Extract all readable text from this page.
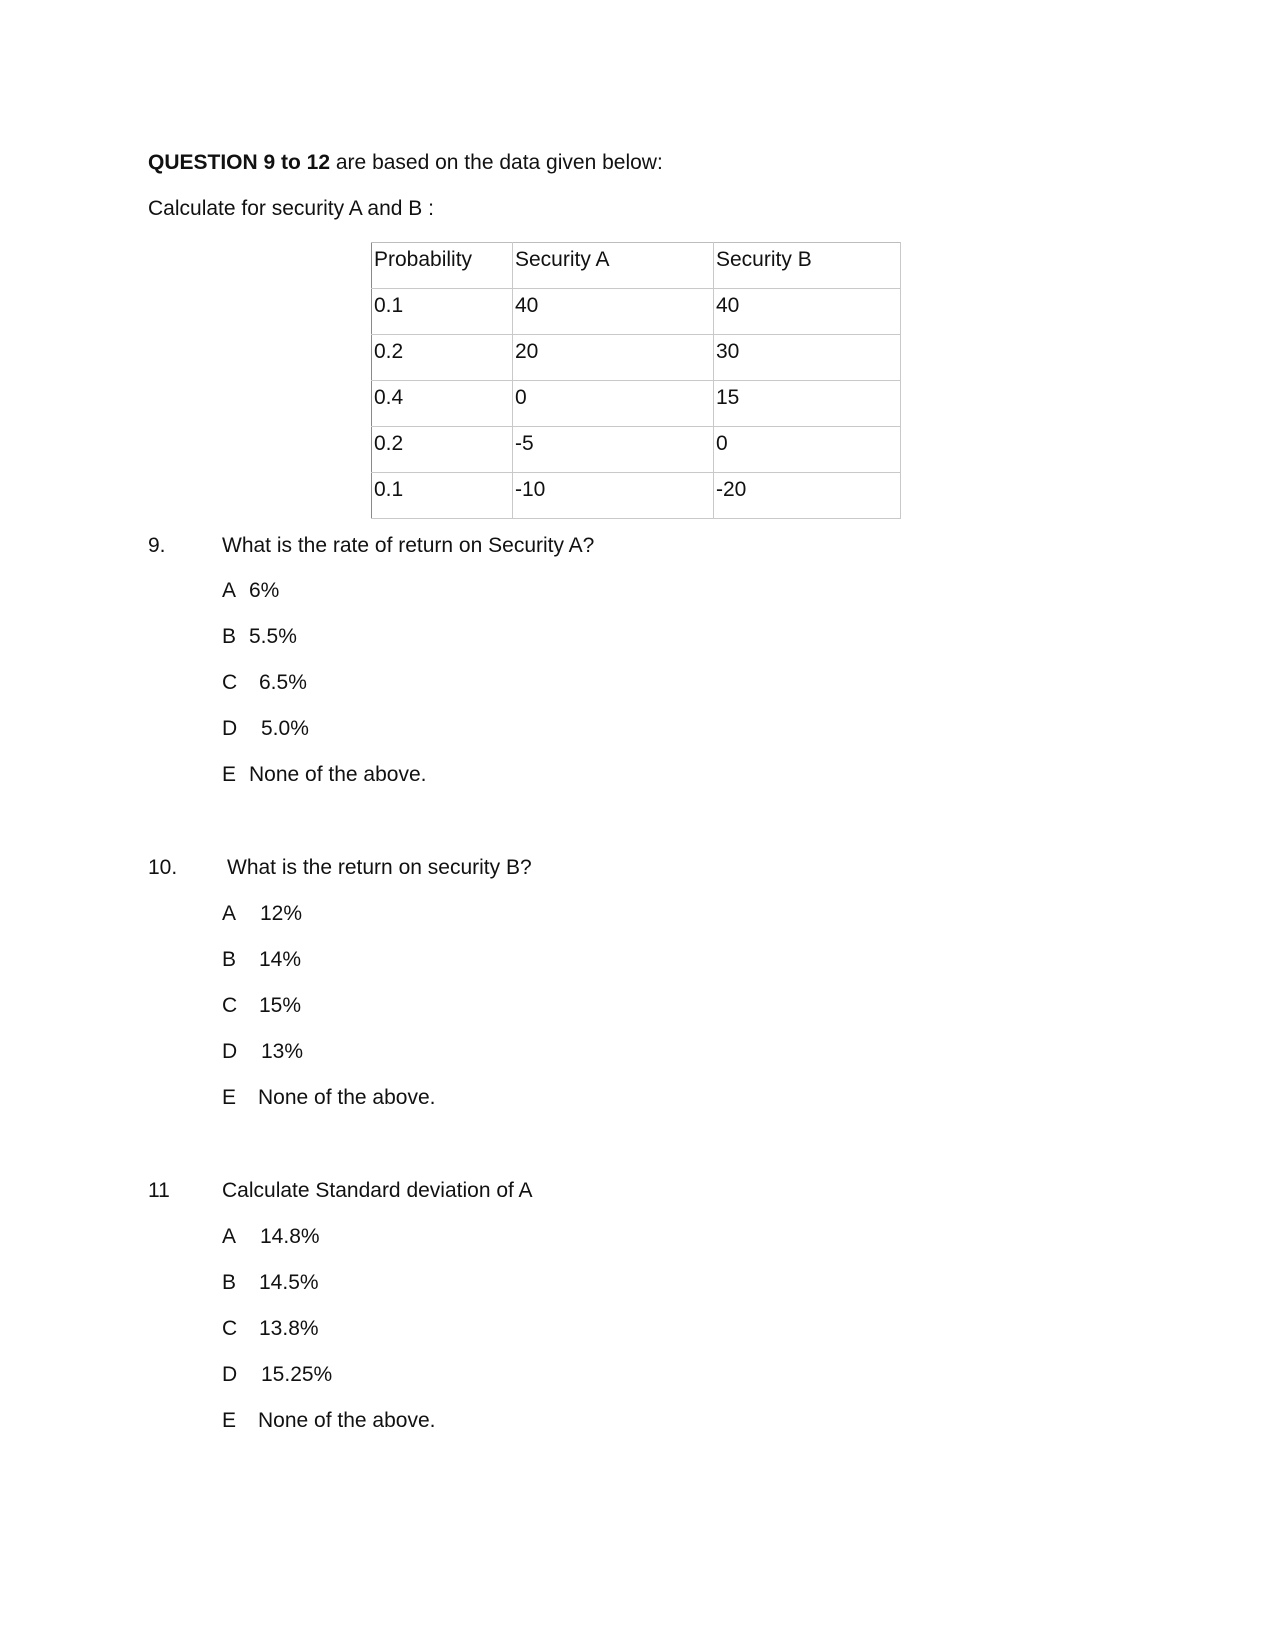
QUESTION 9 to 12 are based on the data given below:
Calculate for security A and B :
Probability	Security A	Security B
0.1	40	40
0.2	20	30
0.4	0	15
0.2	-5	0
0.1	-10	-20
9.	What is the rate of return on Security A?
A 6%
B 5.5%
C 6.5%
D 5.0%
E None of the above.
10. What is the return on security B?
A 12%
B 14%
C 15%
D 13%
E None of the above.
11 Calculate Standard deviation of A
A 14.8%
B 14.5%
C 13.8%
D 15.25%
E None of the above.
